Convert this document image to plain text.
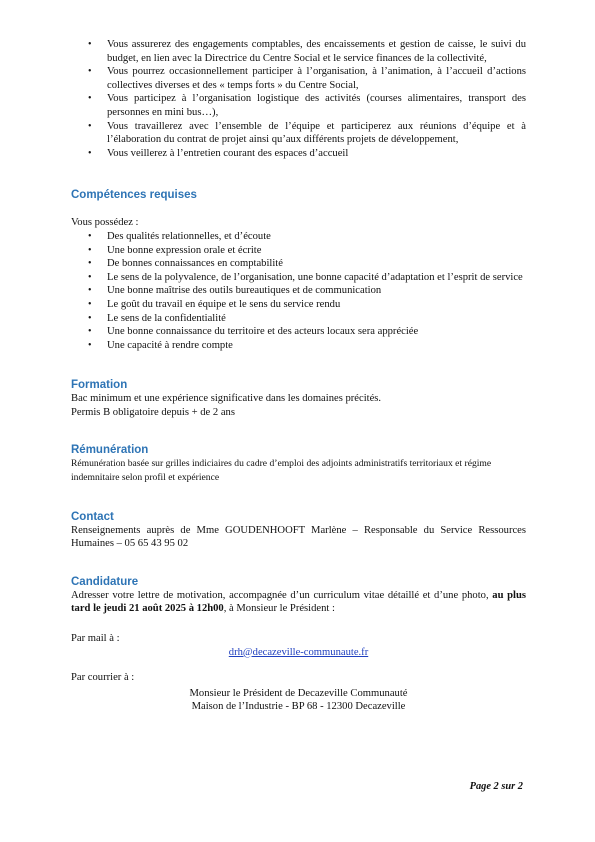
• Vous assurerez des engagements comptables, des encaissements et gestion de caisse, le suivi du budget, en lien avec la Directrice du Centre Social et le service finances de la collectivité,
• Vous pourrez occasionnellement participer à l’organisation, à l’animation, à l’accueil d’actions collectives diverses et des « temps forts » du Centre Social,
• Vous participez à l’organisation logistique des activités (courses alimentaires, transport des personnes en mini bus…),
• Vous travaillerez avec l’ensemble de l’équipe et participerez aux réunions d’équipe et à l’élaboration du contrat de projet ainsi qu’aux différents projets de développement,
• Vous veillerez à l’entretien courant des espaces d’accueil
Compétences requises

Vous possédez :

• Des qualités relationnelles, et d’écoute
• Une bonne expression orale et écrite
• De bonnes connaissances en comptabilité
• Le sens de la polyvalence, de l’organisation, une bonne capacité d’adaptation et l’esprit de service
• Une bonne maîtrise des outils bureautiques et de communication
• Le goût du travail en équipe et le sens du service rendu
• Le sens de la confidentialité
• Une bonne connaissance du territoire et des acteurs locaux sera appréciée
• Une capacité à rendre compte
Formation

Bac minimum et une expérience significative dans les domaines précités.

Permis B obligatoire depuis + de 2 ans

Rémunération

Rémunération basée sur grilles indiciaires du cadre d’emploi des adjoints administratifs territoriaux et régime indemnitaire selon profil et expérience

Contact

Renseignements auprès de Mme GOUDENHOOFT Marlène – Responsable du Service Ressources Humaines – 05 65 43 95 02

Candidature

Adresser votre lettre de motivation, accompagnée d’un curriculum vitae détaillé et d’une photo, au plus tard le jeudi 21 août 2025 à 12h00, à Monsieur le Président :

Par mail à :

drh@decazeville-communaute.fr

Par courrier à :

Monsieur le Président de Decazeville Communauté

Maison de l’Industrie - BP 68 - 12300 Decazeville

Page 2 sur 2
